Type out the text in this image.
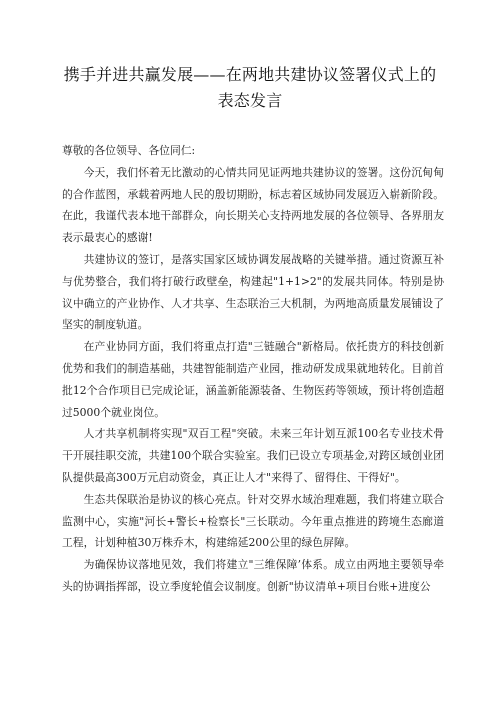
携手并进共赢发展——在两地共建协议签署仪式上的
表态发言

尊敬的各位领导、各位同仁:

今天，我们怀着无比激动的心情共同见证两地共建协议的签署。这份沉甸甸的合作蓝图，承载着两地人民的殷切期盼，标志着区域协同发展迈入崭新阶段。在此，我谨代表本地干部群众，向长期关心支持两地发展的各位领导、各界朋友表示最衷心的感谢!

共建协议的签订，是落实国家区域协调发展战略的关键举措。通过资源互补与优势整合，我们将打破行政壁垒，构建起"1+1>2"的发展共同体。特别是协议中确立的产业协作、人才共享、生态联治三大机制，为两地高质量发展铺设了坚实的制度轨道。

在产业协同方面，我们将重点打造"三链融合"新格局。依托贵方的科技创新优势和我们的制造基础，共建智能制造产业园，推动研发成果就地转化。目前首批12个合作项目已完成论证，涵盖新能源装备、生物医药等领域，预计将创造超过5000个就业岗位。

人才共享机制将实现"双百工程"突破。未来三年计划互派100名专业技术骨干开展挂职交流，共建100个联合实验室。我们已设立专项基金,对跨区域创业团队提供最高300万元启动资金，真正让人才"来得了、留得住、干得好"。

生态共保联治是协议的核心亮点。针对交界水域治理难题，我们将建立联合监测中心，实施"河长+警长+检察长"三长联动。今年重点推进的跨境生态廊道工程，计划种植30万株乔木，构建绵延200公里的绿色屏障。

为确保协议落地见效，我们将建立"三维保障’体系。成立由两地主要领导牵头的协调指挥部，设立季度轮值会议制度。创新"协议清单+项目台账+进度公
